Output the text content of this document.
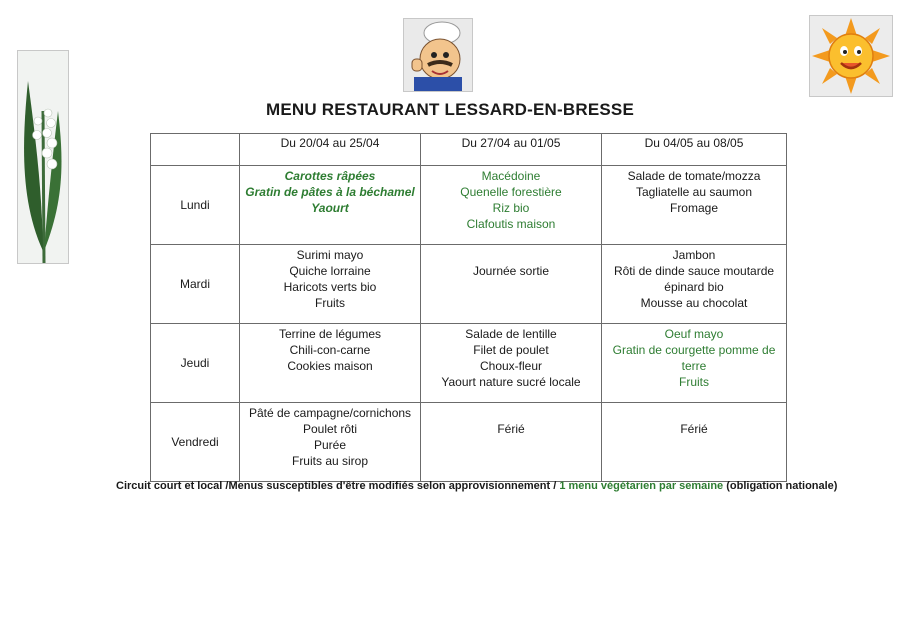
MENU RESTAURANT LESSARD-EN-BRESSE
	Du 20/04 au 25/04	Du 27/04 au 01/05	Du 04/05 au 08/05
Lundi	Carottes râpées
Gratin de pâtes à la béchamel
Yaourt	Macédoine
Quenelle forestière
Riz bio
Clafoutis maison	Salade de tomate/mozza
Tagliatelle au saumon
Fromage

Mardi	Surimi mayo
Quiche lorraine
Haricots verts bio
Fruits	Journée sortie	Jambon
Rôti de dinde sauce moutarde
épinard bio
Mousse au chocolat

Jeudi	Terrine de légumes
Chili-con-carne
Cookies maison	Salade de lentille
Filet de poulet
Choux-fleur
Yaourt nature sucré locale	Oeuf mayo
Gratin de courgette pomme de terre
Fruits

Vendredi	Pâté de campagne/cornichons
Poulet rôti
Purée
Fruits au sirop	Férié	Férié
Circuit court et local /Menus susceptibles d'être modifiés selon approvisionnement / 1 menu végétarien par semaine (obligation nationale)
